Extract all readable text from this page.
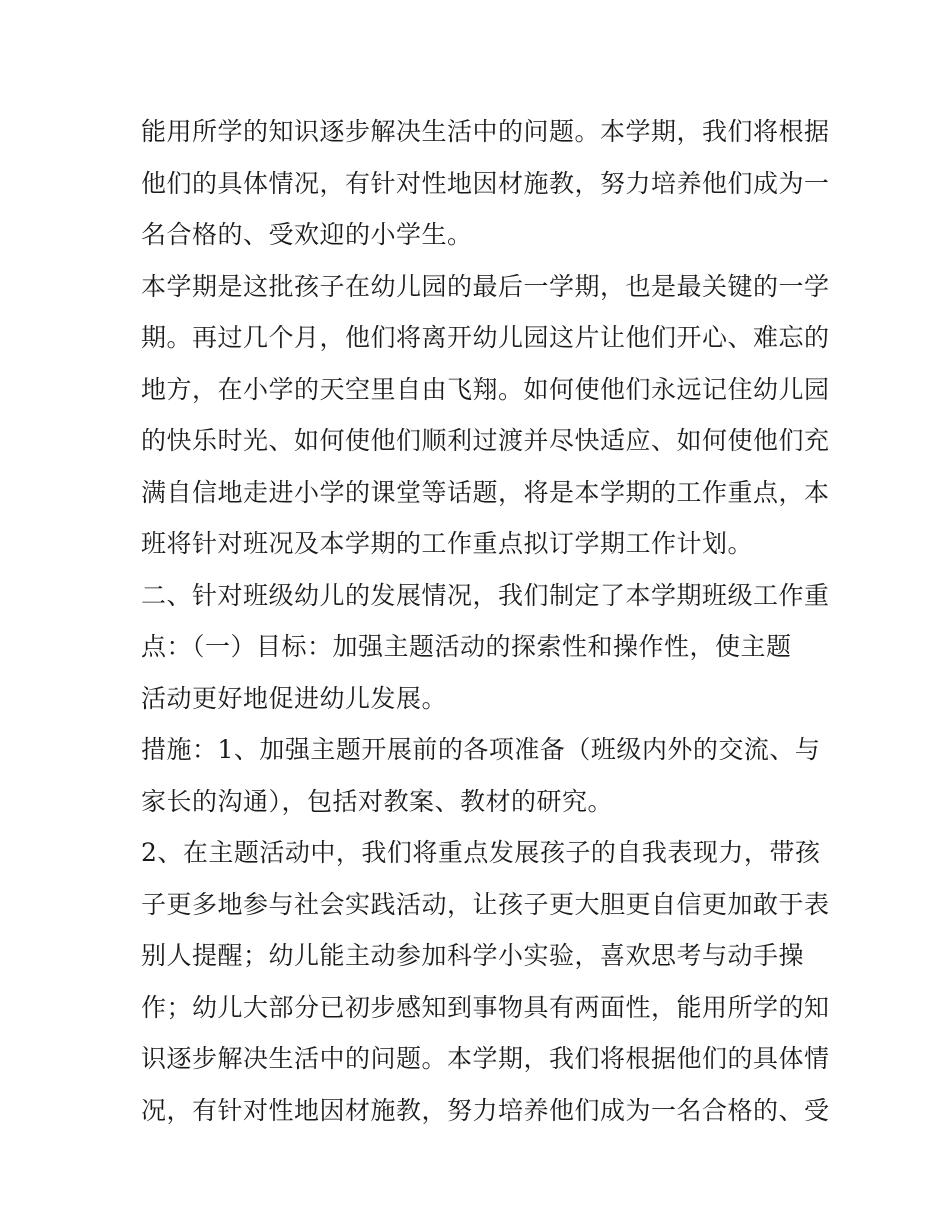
能用所学的知识逐步解决生活中的问题。本学期，我们将根据
他们的具体情况，有针对性地因材施教，努力培养他们成为一
名合格的、受欢迎的小学生。
本学期是这批孩子在幼儿园的最后一学期，也是最关键的一学
期。再过几个月，他们将离开幼儿园这片让他们开心、难忘的
地方，在小学的天空里自由飞翔。如何使他们永远记住幼儿园
的快乐时光、如何使他们顺利过渡并尽快适应、如何使他们充
满自信地走进小学的课堂等话题，将是本学期的工作重点，本
班将针对班况及本学期的工作重点拟订学期工作计划。
二、针对班级幼儿的发展情况，我们制定了本学期班级工作重
点：（一）目标：加强主题活动的探索性和操作性，使主题
活动更好地促进幼儿发展。
措施：1、加强主题开展前的各项准备（班级内外的交流、与
家长的沟通），包括对教案、教材的研究。
2、在主题活动中，我们将重点发展孩子的自我表现力，带孩
子更多地参与社会实践活动，让孩子更大胆更自信更加敢于表
别人提醒；幼儿能主动参加科学小实验，喜欢思考与动手操
作；幼儿大部分已初步感知到事物具有两面性，能用所学的知
识逐步解决生活中的问题。本学期，我们将根据他们的具体情
况，有针对性地因材施教，努力培养他们成为一名合格的、受
